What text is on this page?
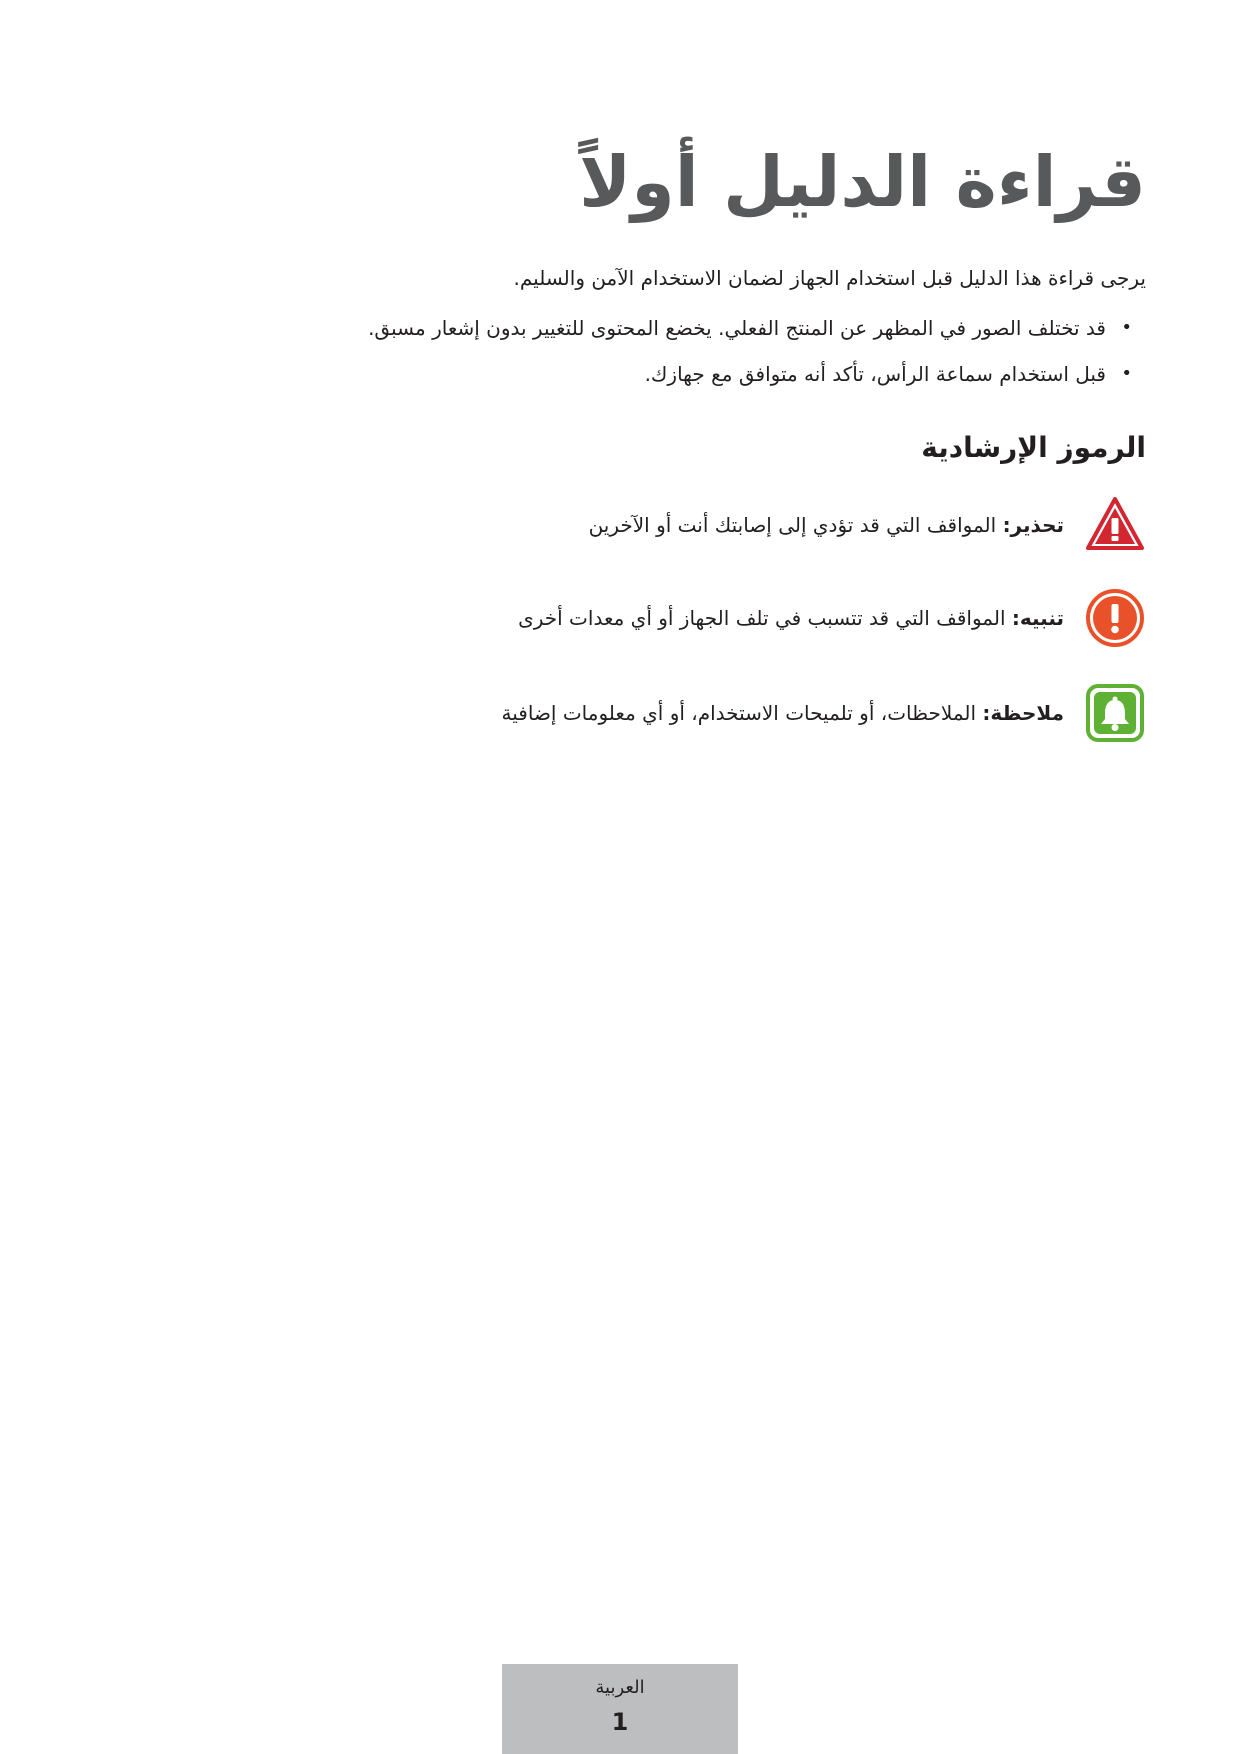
قراءة الدليل أولاً

يرجى قراءة هذا الدليل قبل استخدام الجهاز لضمان الاستخدام الآمن والسليم.

•
قد تختلف الصور في المظهر عن المنتج الفعلي. يخضع المحتوى للتغيير بدون إشعار مسبق.
•
قبل استخدام سماعة الرأس، تأكد أنه متوافق مع جهازك.
الرموز الإرشادية
تحذير: المواقف التي قد تؤدي إلى إصابتك أنت أو الآخرين
تنبيه: المواقف التي قد تتسبب في تلف الجهاز أو أي معدات أخرى
ملاحظة: الملاحظات، أو تلميحات الاستخدام، أو أي معلومات إضافية
العربية
1
